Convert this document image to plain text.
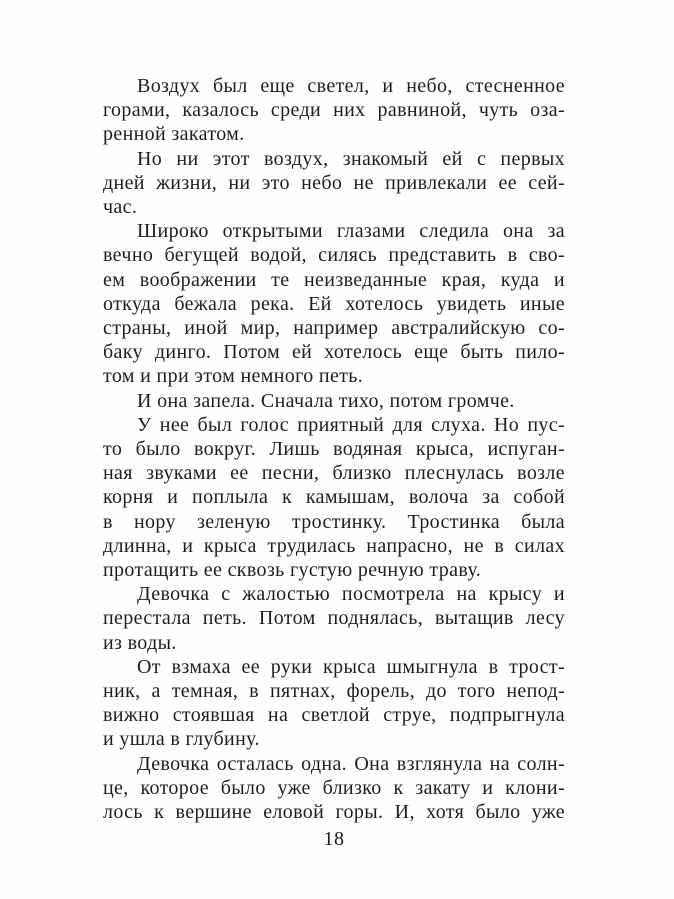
Воздух был еще светел, и небо, стесненное
горами, казалось среди них равниной, чуть оза-
ренной закатом.
Но ни этот воздух, знакомый ей с первых
дней жизни, ни это небо не привлекали ее сей-
час.
Широко открытыми глазами следила она за
вечно бегущей водой, силясь представить в сво-
ем воображении те неизведанные края, куда и
откуда бежала река. Ей хотелось увидеть иные
страны, иной мир, например австралийскую со-
баку динго. Потом ей хотелось еще быть пило-
том и при этом немного петь.
И она запела. Сначала тихо, потом громче.
У нее был голос приятный для слуха. Но пус-
то было вокруг. Лишь водяная крыса, испуган-
ная звуками ее песни, близко плеснулась возле
корня и поплыла к камышам, волоча за собой
в нору зеленую тростинку. Тростинка была
длинна, и крыса трудилась напрасно, не в силах
протащить ее сквозь густую речную траву.
Девочка с жалостью посмотрела на крысу и
перестала петь. Потом поднялась, вытащив лесу
из воды.
От взмаха ее руки крыса шмыгнула в трост-
ник, а темная, в пятнах, форель, до того непод-
вижно стоявшая на светлой струе, подпрыгнула
и ушла в глубину.
Девочка осталась одна. Она взглянула на солн-
це, которое было уже близко к закату и клони-
лось к вершине еловой горы. И, хотя было уже
18
